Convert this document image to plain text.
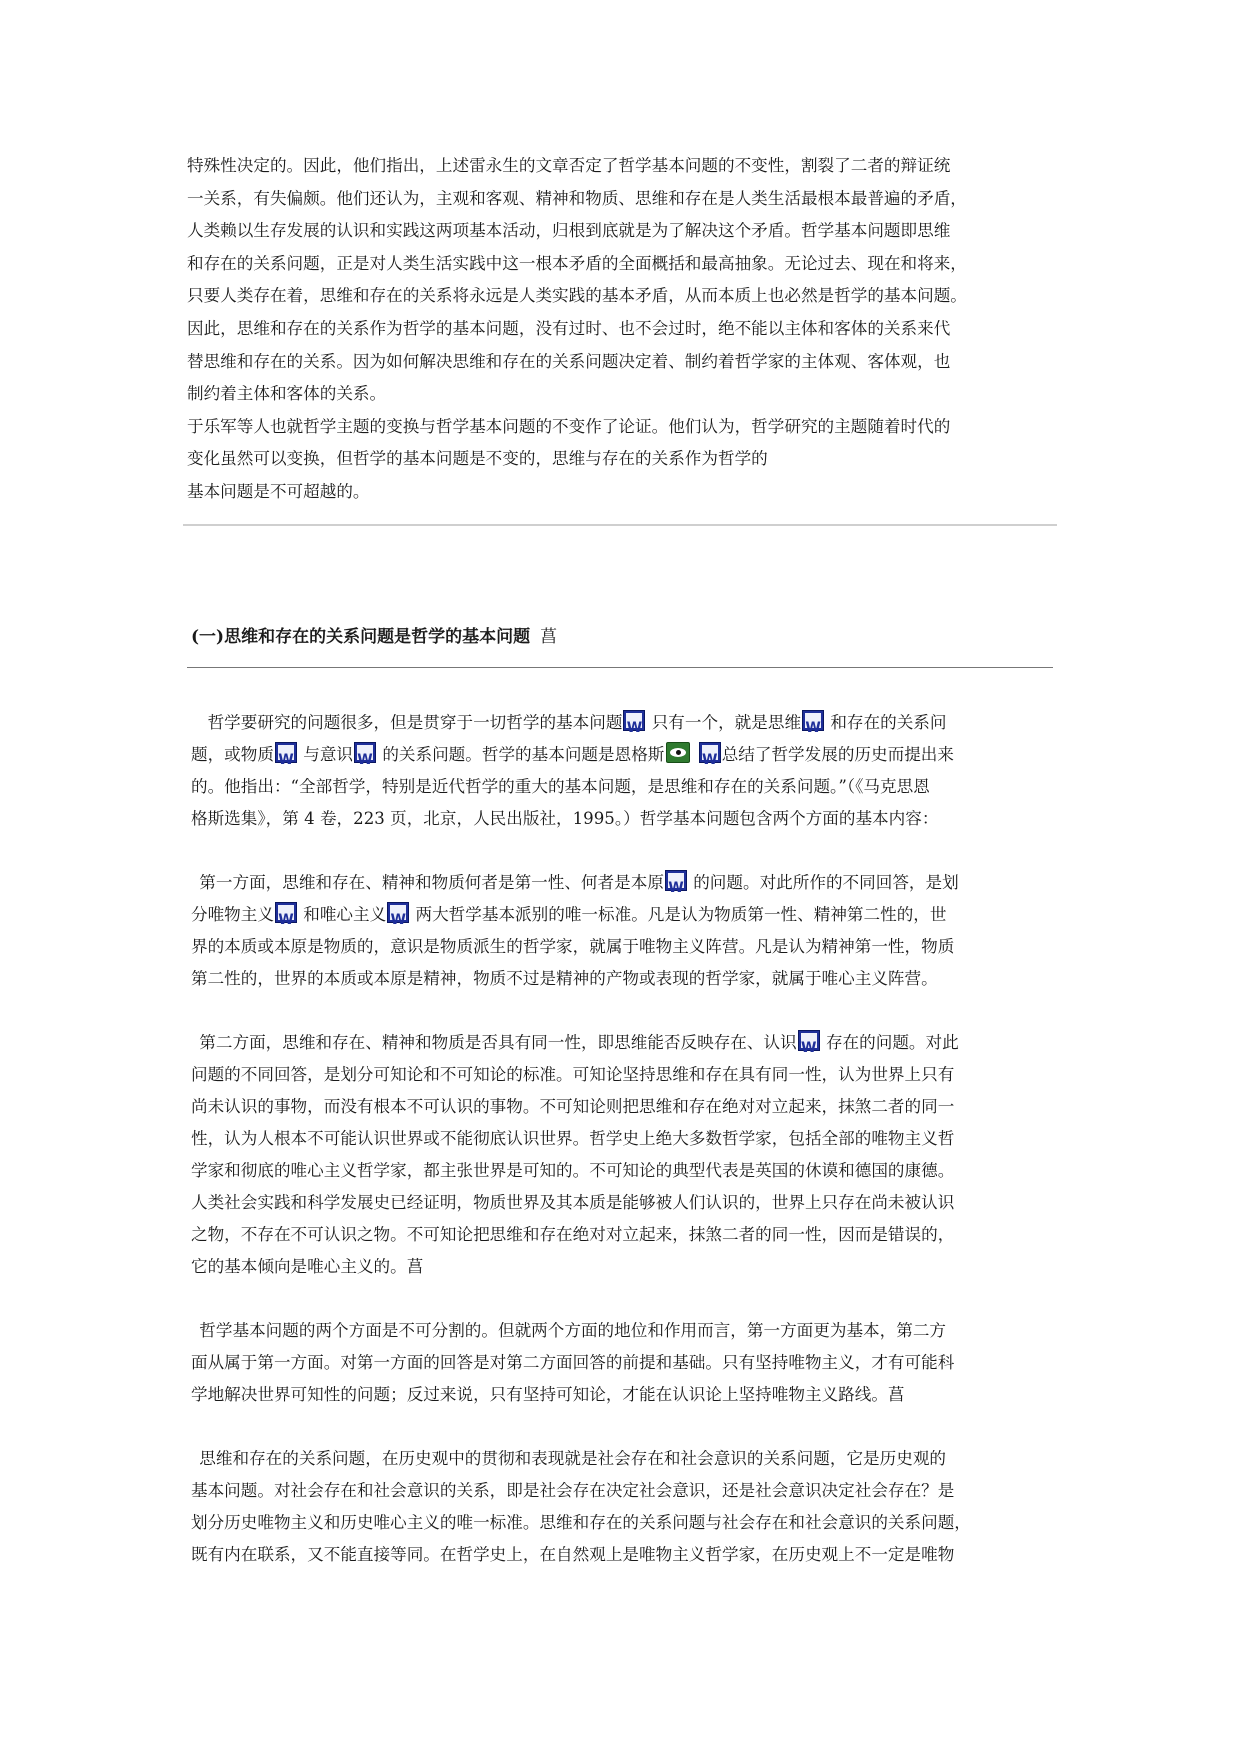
特殊性决定的。因此，他们指出，上述雷永生的文章否定了哲学基本问题的不变性，割裂了二者的辩证统
一关系，有失偏颇。他们还认为，主观和客观、精神和物质、思维和存在是人类生活最根本最普遍的矛盾，
人类赖以生存发展的认识和实践这两项基本活动，归根到底就是为了解决这个矛盾。哲学基本问题即思维
和存在的关系问题，正是对人类生活实践中这一根本矛盾的全面概括和最高抽象。无论过去、现在和将来，
只要人类存在着，思维和存在的关系将永远是人类实践的基本矛盾，从而本质上也必然是哲学的基本问题。
因此，思维和存在的关系作为哲学的基本问题，没有过时、也不会过时，绝不能以主体和客体的关系来代
替思维和存在的关系。因为如何解决思维和存在的关系问题决定着、制约着哲学家的主体观、客体观，也
制约着主体和客体的关系。
于乐军等人也就哲学主题的变换与哲学基本问题的不变作了论证。他们认为，哲学研究的主题随着时代的
变化虽然可以变换，但哲学的基本问题是不变的，思维与存在的关系作为哲学的
基本问题是不可超越的。
(一)思维和存在的关系问题是哲学的基本问题 菖
　哲学要研究的问题很多，但是贯穿于一切哲学的基本问题 W 只有一个，就是思维 W 和存在的关系问
题，或物质 W 与意识 W 的关系问题。哲学的基本问题是恩格斯 W	总结了哲学发展的历史而提出来
的。他指出：“全部哲学，特别是近代哲学的重大的基本问题，是思维和存在的关系问题。”（《马克思恩
格斯选集》，第 4 卷，223 页，北京，人民出版社，1995。）哲学基本问题包含两个方面的基本内容：
 第一方面，思维和存在、精神和物质何者是第一性、何者是本原 W 的问题。对此所作的不同回答，是划
分唯物主义 W 和唯心主义 W 两大哲学基本派别的唯一标准。凡是认为物质第一性、精神第二性的，世
界的本质或本原是物质的，意识是物质派生的哲学家，就属于唯物主义阵营。凡是认为精神第一性，物质
第二性的，世界的本质或本原是精神，物质不过是精神的产物或表现的哲学家，就属于唯心主义阵营。
 第二方面，思维和存在、精神和物质是否具有同一性，即思维能否反映存在、认识 W 存在的问题。对此
问题的不同回答，是划分可知论和不可知论的标准。可知论坚持思维和存在具有同一性，认为世界上只有
尚未认识的事物，而没有根本不可认识的事物。不可知论则把思维和存在绝对对立起来，抹煞二者的同一
性，认为人根本不可能认识世界或不能彻底认识世界。哲学史上绝大多数哲学家，包括全部的唯物主义哲
学家和彻底的唯心主义哲学家，都主张世界是可知的。不可知论的典型代表是英国的休谟和德国的康德。
人类社会实践和科学发展史已经证明，物质世界及其本质是能够被人们认识的，世界上只存在尚未被认识
之物，不存在不可认识之物。不可知论把思维和存在绝对对立起来，抹煞二者的同一性，因而是错误的，
它的基本倾向是唯心主义的。菖
 哲学基本问题的两个方面是不可分割的。但就两个方面的地位和作用而言，第一方面更为基本，第二方
面从属于第一方面。对第一方面的回答是对第二方面回答的前提和基础。只有坚持唯物主义，才有可能科
学地解决世界可知性的问题；反过来说，只有坚持可知论，才能在认识论上坚持唯物主义路线。菖
 思维和存在的关系问题，在历史观中的贯彻和表现就是社会存在和社会意识的关系问题，它是历史观的
基本问题。对社会存在和社会意识的关系，即是社会存在决定社会意识，还是社会意识决定社会存在？是
划分历史唯物主义和历史唯心主义的唯一标准。思维和存在的关系问题与社会存在和社会意识的关系问题，
既有内在联系，又不能直接等同。在哲学史上，在自然观上是唯物主义哲学家，在历史观上不一定是唯物
